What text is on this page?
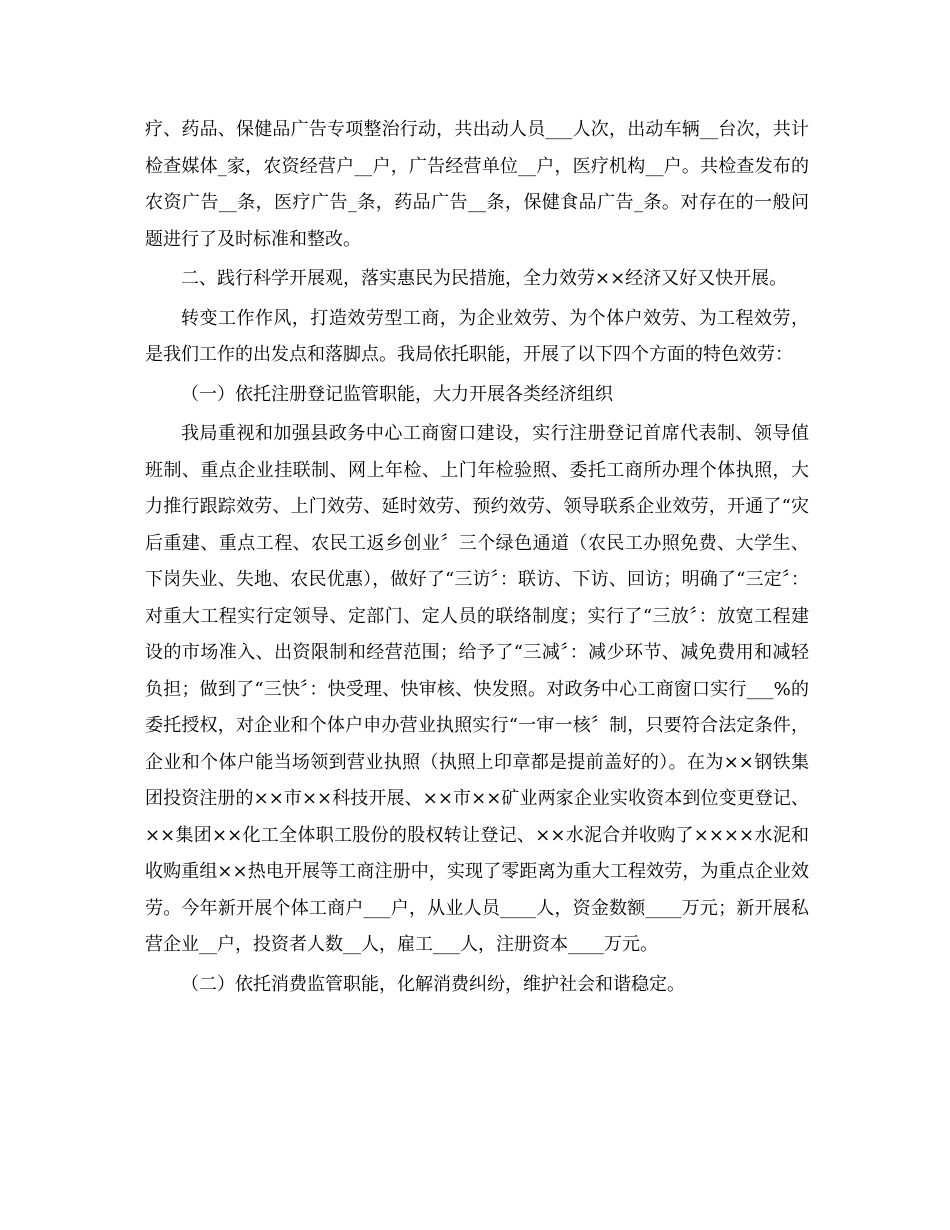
疗、药品、保健品广告专项整治行动，共出动人员___人次，出动车辆__台次，共计检查媒体_家，农资经营户__户，广告经营单位__户，医疗机构__户。共检查发布的农资广告__条，医疗广告_条，药品广告__条，保健食品广告_条。对存在的一般问题进行了及时标准和整改。

二、践行科学开展观，落实惠民为民措施，全力效劳××经济又好又快开展。

转变工作作风，打造效劳型工商，为企业效劳、为个体户效劳、为工程效劳，是我们工作的出发点和落脚点。我局依托职能，开展了以下四个方面的特色效劳：

（一）依托注册登记监管职能，大力开展各类经济组织

我局重视和加强县政务中心工商窗口建设，实行注册登记首席代表制、领导值班制、重点企业挂联制、网上年检、上门年检验照、委托工商所办理个体执照，大力推行跟踪效劳、上门效劳、延时效劳、预约效劳、领导联系企业效劳，开通了“灾后重建、重点工程、农民工返乡创业〞三个绿色通道（农民工办照免费、大学生、下岗失业、失地、农民优惠），做好了“三访〞：联访、下访、回访；明确了“三定〞：对重大工程实行定领导、定部门、定人员的联络制度；实行了“三放〞：放宽工程建设的市场准入、出资限制和经营范围；给予了“三减〞：减少环节、减免费用和减轻负担；做到了“三快〞：快受理、快审核、快发照。对政务中心工商窗口实行___%的委托授权，对企业和个体户申办营业执照实行“一审一核〞制，只要符合法定条件，企业和个体户能当场领到营业执照（执照上印章都是提前盖好的）。在为××钢铁集团投资注册的××市××科技开展、××市××矿业两家企业实收资本到位变更登记、××集团××化工全体职工股份的股权转让登记、××水泥合并收购了××××水泥和收购重组××热电开展等工商注册中，实现了零距离为重大工程效劳，为重点企业效劳。今年新开展个体工商户___户，从业人员____人，资金数额____万元；新开展私营企业__户，投资者人数__人，雇工___人，注册资本____万元。

（二）依托消费监管职能，化解消费纠纷，维护社会和谐稳定。
